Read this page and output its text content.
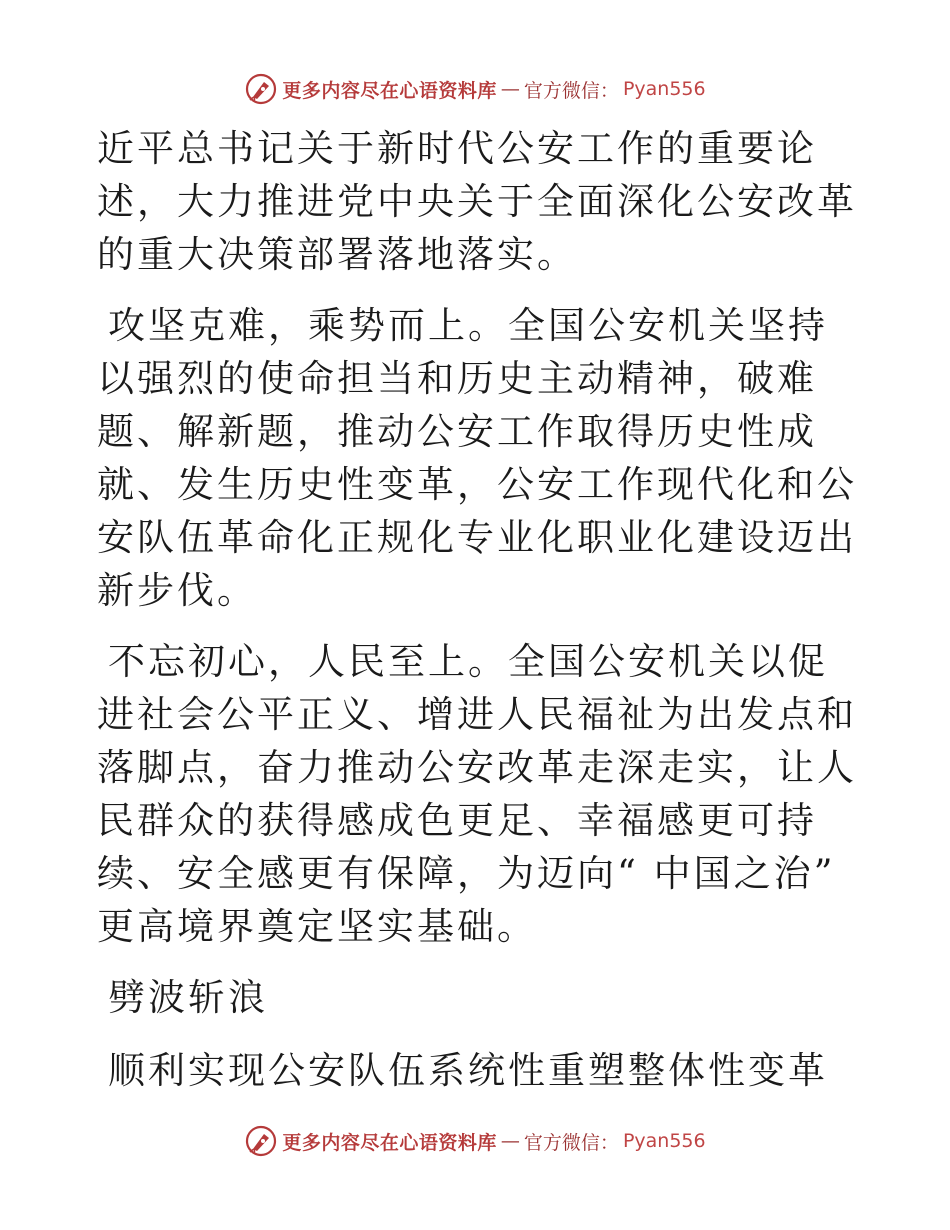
更多内容尽在心语资料库 — 官方微信： Pyan556

近平总书记关于新时代公安工作的重要论述，大力推进党中央关于全面深化公安改革的重大决策部署落地落实。

攻坚克难，乘势而上。全国公安机关坚持以强烈的使命担当和历史主动精神，破难题、解新题，推动公安工作取得历史性成就、发生历史性变革，公安工作现代化和公安队伍革命化正规化专业化职业化建设迈出新步伐。

不忘初心，人民至上。全国公安机关以促进社会公平正义、增进人民福祉为出发点和落脚点，奋力推动公安改革走深走实，让人民群众的获得感成色更足、幸福感更可持续、安全感更有保障，为迈向“ 中国之治” 更高境界奠定坚实基础。

劈波斩浪

顺利实现公安队伍系统性重塑整体性变革

更多内容尽在心语资料库 — 官方微信： Pyan556
